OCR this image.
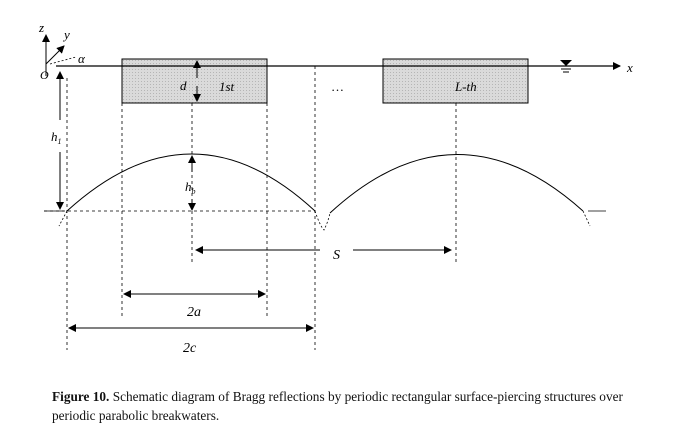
x
z y
α
O
d	1st	…	L-th
$h_1$
$h_b$
S
2a
2c
Figure 10. Schematic diagram of Bragg reflections by periodic rectangular surface-piercing structures over periodic parabolic breakwaters.
